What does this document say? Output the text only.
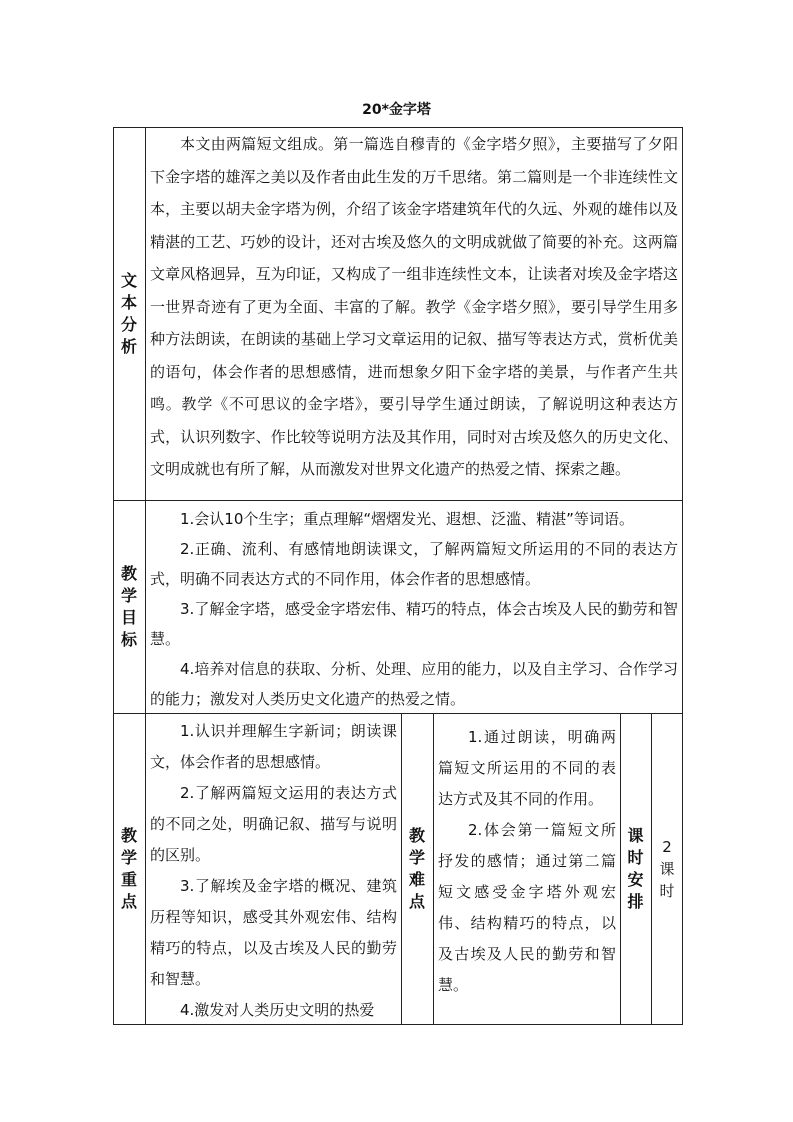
20*金字塔
文本分析

本文由两篇短文组成。第一篇选自穆青的《金字塔夕照》，主要描写了夕阳下金字塔的雄浑之美以及作者由此生发的万千思绪。第二篇则是一个非连续性文本，主要以胡夫金字塔为例，介绍了该金字塔建筑年代的久远、外观的雄伟以及精湛的工艺、巧妙的设计，还对古埃及悠久的文明成就做了简要的补充。这两篇文章风格迥异，互为印证，又构成了一组非连续性文本，让读者对埃及金字塔这一世界奇迹有了更为全面、丰富的了解。教学《金字塔夕照》，要引导学生用多种方法朗读，在朗读的基础上学习文章运用的记叙、描写等表达方式，赏析优美的语句，体会作者的思想感情，进而想象夕阳下金字塔的美景，与作者产生共鸣。教学《不可思议的金字塔》，要引导学生通过朗读，了解说明这种表达方式，认识列数字、作比较等说明方法及其作用，同时对古埃及悠久的历史文化、文明成就也有所了解，从而激发对世界文化遗产的热爱之情、探索之趣。

教学目标

1.会认10个生字；重点理解“熠熠发光、遐想、泛滥、精湛”等词语。

2.正确、流利、有感情地朗读课文，了解两篇短文所运用的不同的表达方式，明确不同表达方式的不同作用，体会作者的思想感情。

3.了解金字塔，感受金字塔宏伟、精巧的特点，体会古埃及人民的勤劳和智慧。

4.培养对信息的获取、分析、处理、应用的能力，以及自主学习、合作学习的能力；激发对人类历史文化遗产的热爱之情。

教学重点

1.认识并理解生字新词；朗读课文，体会作者的思想感情。

2.了解两篇短文运用的表达方式的不同之处，明确记叙、描写与说明的区别。

3.了解埃及金字塔的概况、建筑历程等知识，感受其外观宏伟、结构精巧的特点，以及古埃及人民的勤劳和智慧。

4.激发对人类历史文明的热爱

教学难点

1.通过朗读，明确两篇短文所运用的不同的表达方式及其不同的作用。

2.体会第一篇短文所抒发的感情；通过第二篇短文感受金字塔外观宏伟、结构精巧的特点，以及古埃及人民的勤劳和智慧。

课时安排
2课时
